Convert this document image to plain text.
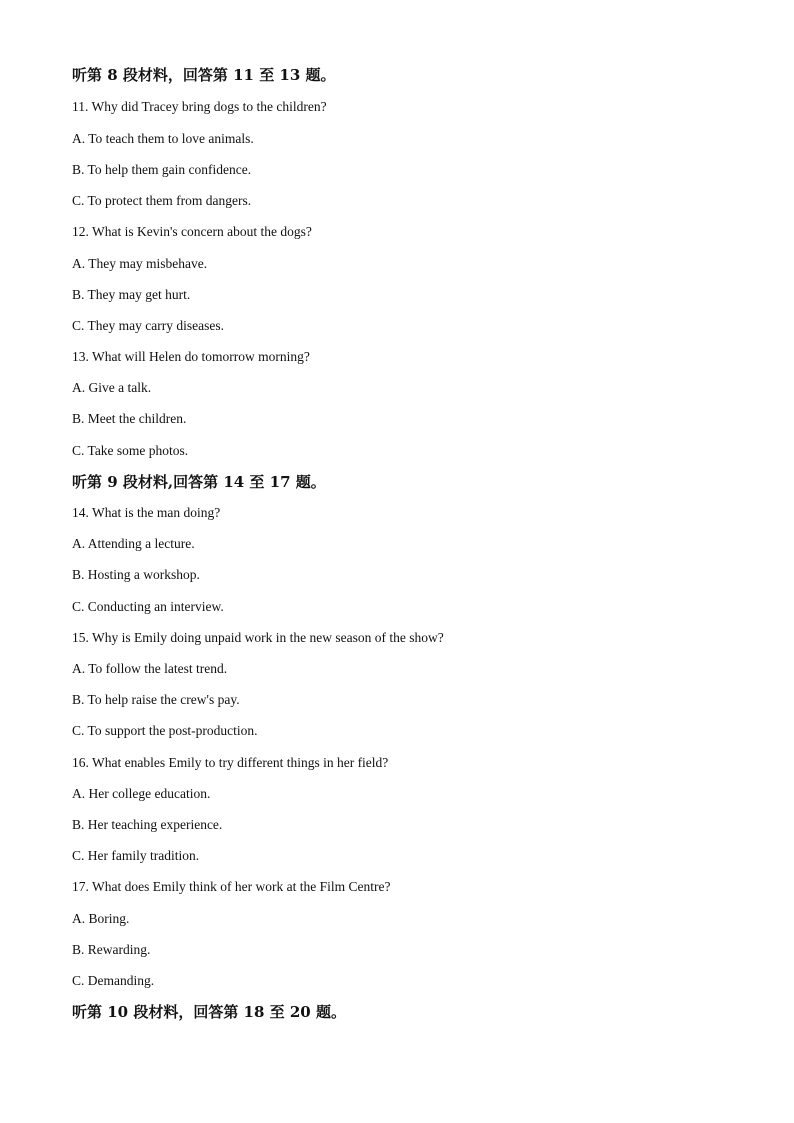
听第 8 段材料，回答第 11 至 13 题。
11. Why did Tracey bring dogs to the children?
A. To teach them to love animals.
B. To help them gain confidence.
C. To protect them from dangers.
12. What is Kevin's concern about the dogs?
A. They may misbehave.
B. They may get hurt.
C. They may carry diseases.
13. What will Helen do tomorrow morning?
A. Give a talk.
B. Meet the children.
C. Take some photos.
听第 9 段材料,回答第 14 至 17 题。
14. What is the man doing?
A. Attending a lecture.
B. Hosting a workshop.
C. Conducting an interview.
15. Why is Emily doing unpaid work in the new season of the show?
A. To follow the latest trend.
B. To help raise the crew's pay.
C. To support the post-production.
16. What enables Emily to try different things in her field?
A. Her college education.
B. Her teaching experience.
C. Her family tradition.
17. What does Emily think of her work at the Film Centre?
A. Boring.
B. Rewarding.
C. Demanding.
听第 10 段材料，回答第 18 至 20 题。
